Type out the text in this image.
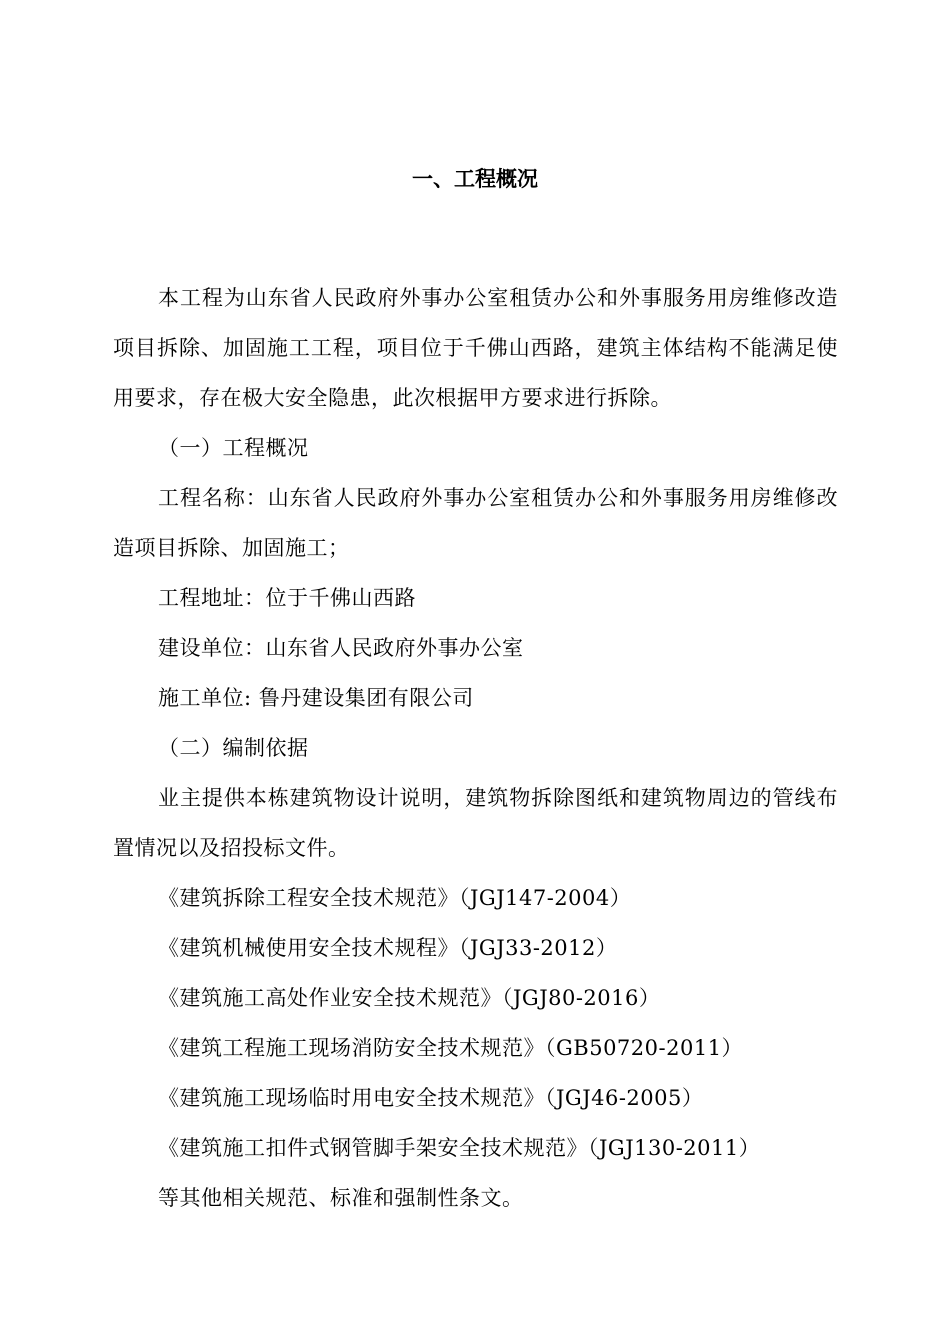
一、工程概况

本工程为山东省人民政府外事办公室租赁办公和外事服务用房维修改造项目拆除、加固施工工程，项目位于千佛山西路，建筑主体结构不能满足使用要求，存在极大安全隐患，此次根据甲方要求进行拆除。

（一）工程概况

工程名称：山东省人民政府外事办公室租赁办公和外事服务用房维修改造项目拆除、加固施工；

工程地址：位于千佛山西路

建设单位：山东省人民政府外事办公室

施工单位: 鲁丹建设集团有限公司

（二）编制依据

业主提供本栋建筑物设计说明，建筑物拆除图纸和建筑物周边的管线布置情况以及招投标文件。

《建筑拆除工程安全技术规范》（JGJ147-2004）

《建筑机械使用安全技术规程》（JGJ33-2012）

《建筑施工高处作业安全技术规范》（JGJ80-2016）

《建筑工程施工现场消防安全技术规范》（GB50720-2011）

《建筑施工现场临时用电安全技术规范》（JGJ46-2005）

《建筑施工扣件式钢管脚手架安全技术规范》（JGJ130-2011）

等其他相关规范、标准和强制性条文。
